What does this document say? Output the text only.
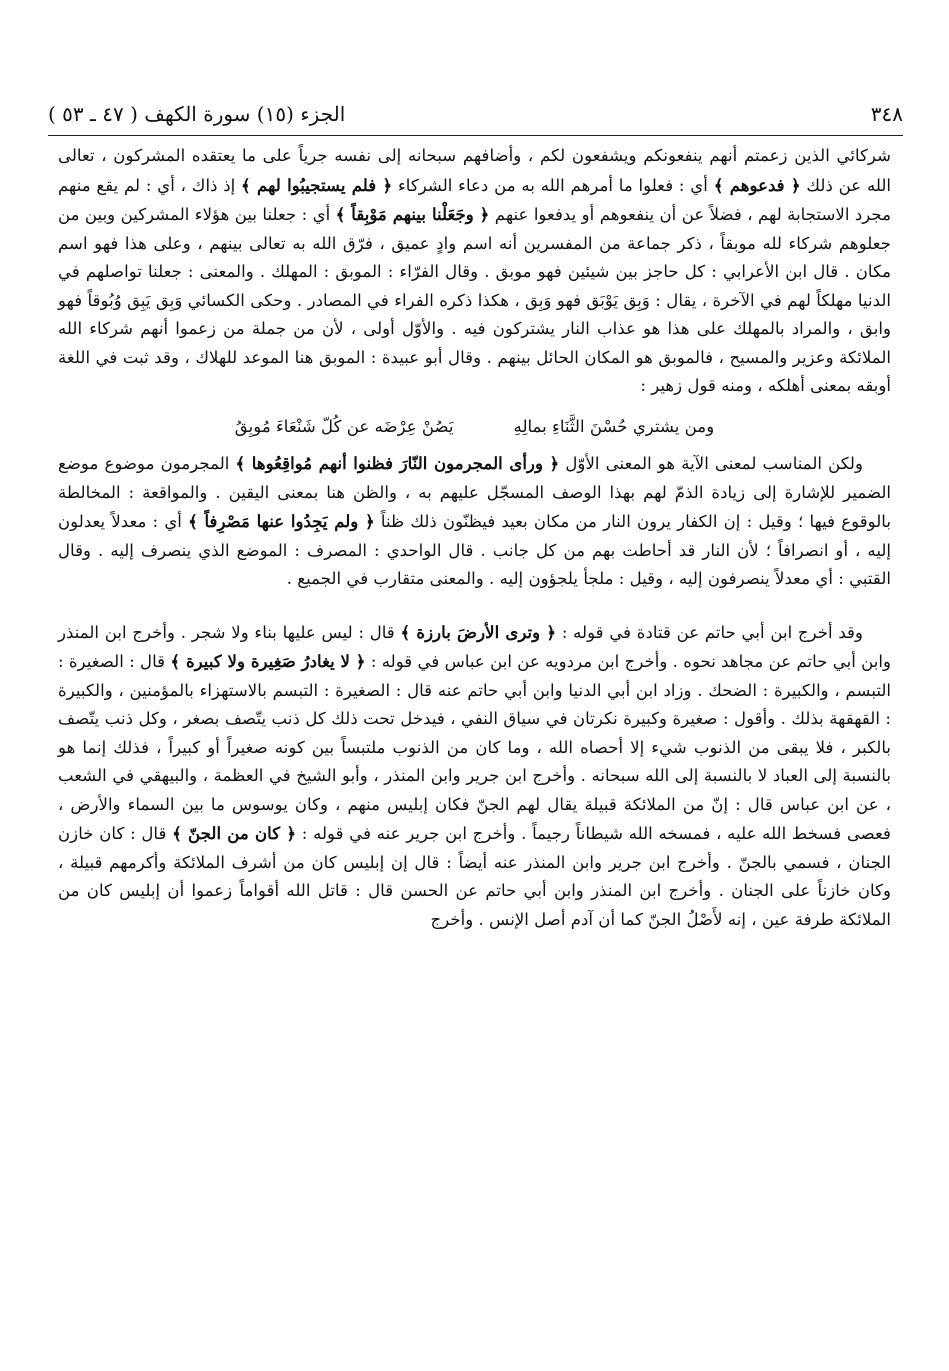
٣٤٨
الجزء (١٥) سورة الكهف ( ٤٧ ـ ٥٣ )

شركائي الذين زعمتم أنهم ينفعونكم ويشفعون لكم ، وأضافهم سبحانه إلى نفسه جرياً على ما يعتقده المشركون ، تعالى الله عن ذلك ﴿ فدعوهم ﴾ أي : فعلوا ما أمرهم الله به من دعاء الشركاء ﴿ فلم يستجيبُوا لهم ﴾ إذ ذاك ، أي : لم يقع منهم مجرد الاستجابة لهم ، فضلاً عن أن ينفعوهم أو يدفعوا عنهم ﴿ وجَعَلْنا بينهم مَوْبِقاً ﴾ أي : جعلنا بين هؤلاء المشركين وبين من جعلوهم شركاء لله موبقاً ، ذكر جماعة من المفسرين أنه اسم وادٍ عميق ، فرّق الله به تعالى بينهم ، وعلى هذا فهو اسم مكان . قال ابن الأعرابي : كل حاجز بين شيئين فهو موبق . وقال الفرّاء : الموبق : المهلك . والمعنى : جعلنا تواصلهم في الدنيا مهلكاً لهم في الآخرة ، يقال : وَبِق يَوْبَق فهو وَبِق ، هكذا ذكره الفراء في المصادر . وحكى الكسائي وَبِق يَبِق وُبُوقاً فهو وابق ، والمراد بالمهلك على هذا هو عذاب النار يشتركون فيه . والأوّل أولى ، لأن من جملة من زعموا أنهم شركاء الله الملائكة وعزير والمسيح ، فالموبق هو المكان الحائل بينهم . وقال أبو عبيدة : الموبق هنا الموعد للهلاك ، وقد ثبت في اللغة أوبقه بمعنى أهلكه ، ومنه قول زهير :

ومن يشتري حُسْنَ الثَّنَاءِ بمالِهِ
يَصُنْ عِرْضَه عن كُلّ شَنْعَاءَ مُوبِقُ

ولكن المناسب لمعنى الآية هو المعنى الأوّل ﴿ ورأى المجرمون النّارَ فظنوا أنهم مُواقِعُوها ﴾ المجرمون موضوع موضع الضمير للإشارة إلى زيادة الذمّ لهم بهذا الوصف المسجّل عليهم به ، والظن هنا بمعنى اليقين . والمواقعة : المخالطة بالوقوع فيها ؛ وقيل : إن الكفار يرون النار من مكان بعيد فيظنّون ذلك ظناً ﴿ ولم يَجِدُوا عنها مَصْرِفاً ﴾ أي : معدلاً يعدلون إليه ، أو انصرافاً ؛ لأن النار قد أحاطت بهم من كل جانب . قال الواحدي : المصرف : الموضع الذي ينصرف إليه . وقال القتبي : أي معدلاً ينصرفون إليه ، وقيل : ملجأ يلجؤون إليه . والمعنى متقارب في الجميع .

وقد أخرج ابن أبي حاتم عن قتادة في قوله : ﴿ وترى الأرضَ بارزة ﴾ قال : ليس عليها بناء ولا شجر . وأخرج ابن المنذر وابن أبي حاتم عن مجاهد نحوه . وأخرج ابن مردويه عن ابن عباس في قوله : ﴿ لا يغادرُ صَغِيرة ولا كبيرة ﴾ قال : الصغيرة : التبسم ، والكبيرة : الضحك . وزاد ابن أبي الدنيا وابن أبي حاتم عنه قال : الصغيرة : التبسم بالاستهزاء بالمؤمنين ، والكبيرة : القهقهة بذلك . وأقول : صغيرة وكبيرة نكرتان في سياق النفي ، فيدخل تحت ذلك كل ذنب يتّصف بصغر ، وكل ذنب يتّصف بالكبر ، فلا يبقى من الذنوب شيء إلا أحصاه الله ، وما كان من الذنوب ملتبساً بين كونه صغيراً أو كبيراً ، فذلك إنما هو بالنسبة إلى العباد لا بالنسبة إلى الله سبحانه . وأخرج ابن جرير وابن المنذر ، وأبو الشيخ في العظمة ، والبيهقي في الشعب ، عن ابن عباس قال : إنّ من الملائكة قبيلة يقال لهم الجنّ فكان إبليس منهم ، وكان يوسوس ما بين السماء والأرض ، فعصى فسخط الله عليه ، فمسخه الله شيطاناً رجيماً . وأخرج ابن جرير عنه في قوله : ﴿ كان من الجنّ ﴾ قال : كان خازن الجنان ، فسمي بالجنّ . وأخرج ابن جرير وابن المنذر عنه أيضاً : قال إن إبليس كان من أشرف الملائكة وأكرمهم قبيلة ، وكان خازناً على الجنان . وأخرج ابن المنذر وابن أبي حاتم عن الحسن قال : قاتل الله أقواماً زعموا أن إبليس كان من الملائكة طرفة عين ، إنه لأَصْلُ الجنّ كما أن آدم أصل الإنس . وأخرج
